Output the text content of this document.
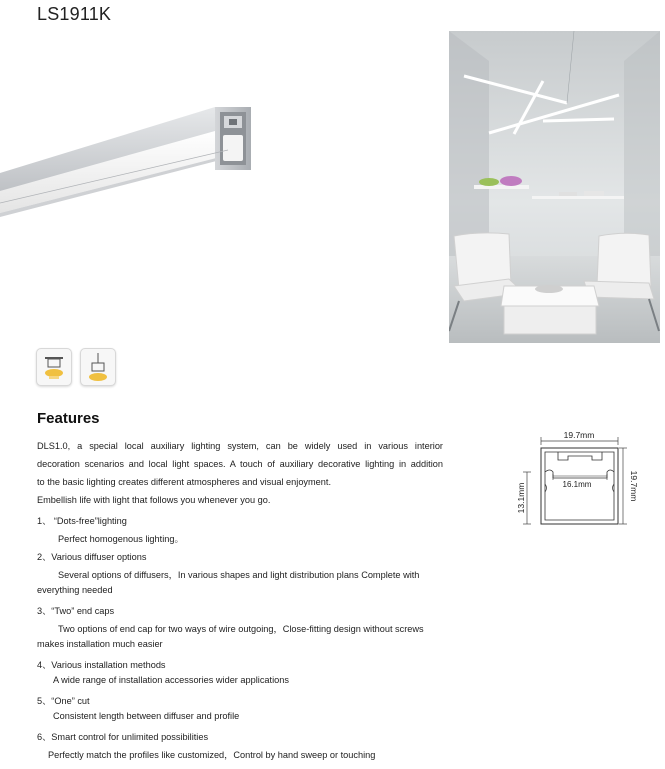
LS1911K
Features
DLS1.0, a special local auxiliary lighting system, can be widely used in various interior
decoration scenarios and local light spaces. A touch of auxiliary decorative lighting in addition
to the basic lighting creates different atmospheres and visual enjoyment.
Embellish life with light that follows you whenever you go.
1、 “Dots-free”lighting
Perfect homogenous lighting。
2、Various diffuser options
Several options of diffusers，In various shapes and light distribution plans Complete with
everything needed
3、“Two” end caps
Two options of end cap for two ways of wire outgoing，Close-fitting design without screws
makes installation much easier
4、Various installation methods
A wide range of installation accessories wider applications
5、“One” cut
Consistent length between diffuser and profile
6、Smart control for unlimited possibilities
Perfectly match the profiles like customized，Control by hand sweep or touching
19.7mm
19.7mm
13.1mm	16.1mm
